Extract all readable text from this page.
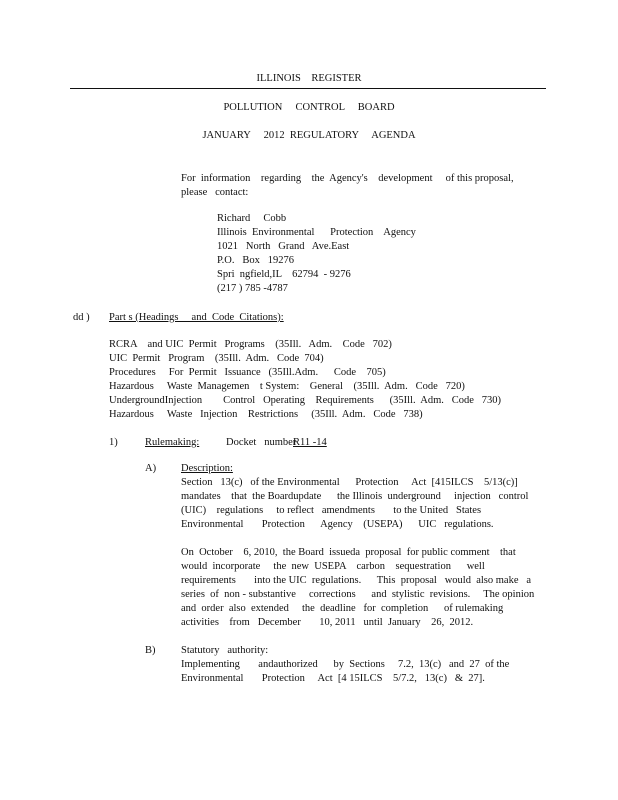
ILLINOIS    REGISTER
POLLUTION     CONTROL     BOARD
JANUARY     2012  REGULATORY     AGENDA
For  information    regarding    the  Agency's    development     of this proposal,
please   contact:
Richard     Cobb
Illinois  Environmental      Protection    Agency
1021   North   Grand   Ave.East
P.O.   Box   19276
Spri  ngfield,IL    62794  - 9276
(217 ) 785 -4787
dd ) Part s (Headings     and  Code  Citations):
RCRA    and UIC  Permit   Programs    (35Ill.   Adm.    Code   702)
UIC  Permit   Program    (35Ill.  Adm.   Code  704)
Procedures     For  Permit   Issuance   (35Ill.Adm.      Code    705)
Hazardous     Waste  Managemen    t System:    General    (35Ill.  Adm.   Code   720)
UndergroundInjection        Control   Operating    Requirements      (35Ill.  Adm.   Code   730)
Hazardous     Waste   Injection    Restrictions     (35Ill.  Adm.   Code   738)
1)	Rulemaking:	Docket   number
R11 -14
A) Description:
Section   13(c)   of the Environmental      Protection     Act  [415ILCS    5/13(c)]
mandates    that  the Boardupdate      the Illinois  underground     injection   control
(UIC)    regulations     to reflect   amendments       to the United   States
Environmental       Protection      Agency    (USEPA)      UIC   regulations.
On  October    6, 2010,  the Board  issueda  proposal  for public comment    that
would  incorporate     the  new  USEPA    carbon    sequestration      well
requirements       into the UIC  regulations.      This  proposal   would  also make   a
series  of  non - substantive     corrections      and  stylistic  revisions.     The opinion
and  order  also  extended     the  deadline   for  completion      of rulemaking
activities    from   December       10, 2011   until  January    26,  2012.
B) Statutory   authority:
Implementing       andauthorized      by  Sections     7.2,  13(c)   and  27  of the
Environmental       Protection     Act  [4 15ILCS    5/7.2,   13(c)   &  27].
